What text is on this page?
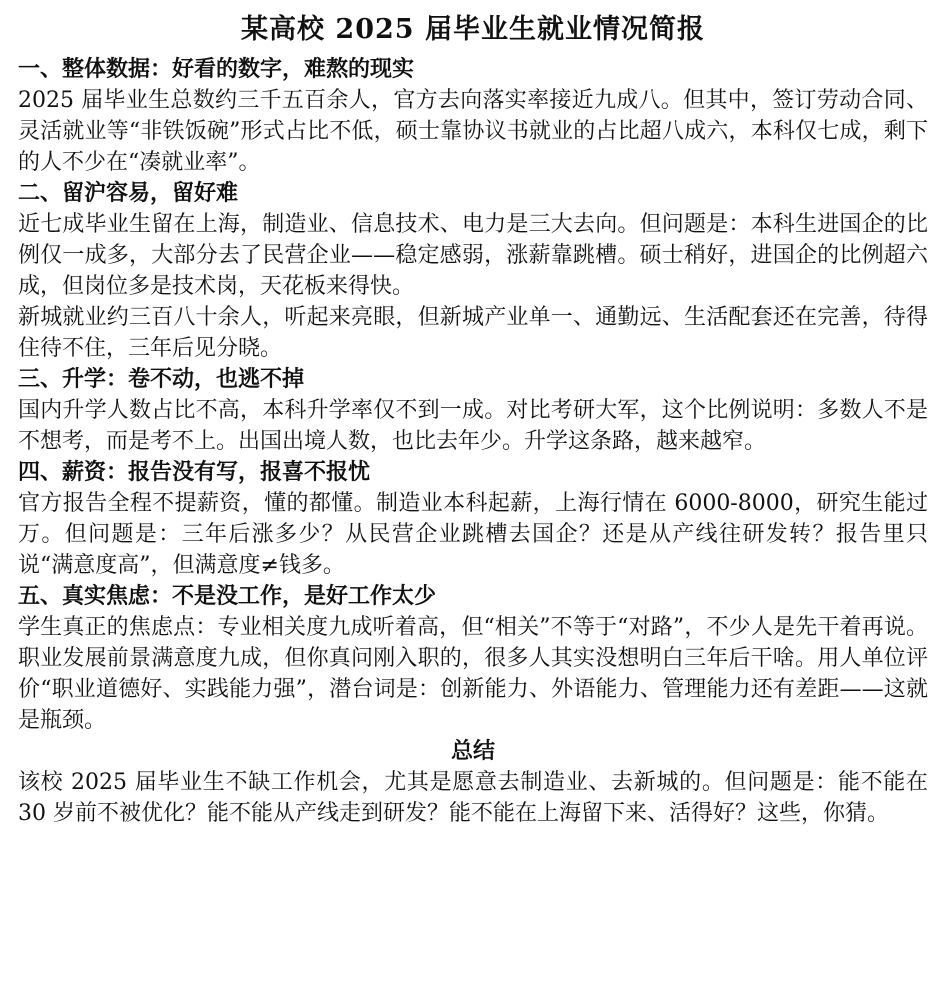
某高校 2025 届毕业生就业情况简报
一、整体数据：好看的数字，难熬的现实

2025 届毕业生总数约三千五百余人，官方去向落实率接近九成八。但其中，签订劳动合同、灵活就业等“非铁饭碗”形式占比不低，硕士靠协议书就业的占比超八成六，本科仅七成，剩下的人不少在“凑就业率”。

二、留沪容易，留好难

近七成毕业生留在上海，制造业、信息技术、电力是三大去向。但问题是：本科生进国企的比例仅一成多，大部分去了民营企业——稳定感弱，涨薪靠跳槽。硕士稍好，进国企的比例超六成，但岗位多是技术岗，天花板来得快。

新城就业约三百八十余人，听起来亮眼，但新城产业单一、通勤远、生活配套还在完善，待得住待不住，三年后见分晓。

三、升学：卷不动，也逃不掉

国内升学人数占比不高，本科升学率仅不到一成。对比考研大军，这个比例说明：多数人不是不想考，而是考不上。出国出境人数，也比去年少。升学这条路，越来越窄。

四、薪资：报告没有写，报喜不报忧

官方报告全程不提薪资，懂的都懂。制造业本科起薪，上海行情在 6000-8000，研究生能过万。但问题是：三年后涨多少？从民营企业跳槽去国企？还是从产线往研发转？报告里只说“满意度高”，但满意度≠钱多。

五、真实焦虑：不是没工作，是好工作太少

学生真正的焦虑点：专业相关度九成听着高，但“相关”不等于“对路”，不少人是先干着再说。职业发展前景满意度九成，但你真问刚入职的，很多人其实没想明白三年后干啥。用人单位评价“职业道德好、实践能力强”，潜台词是：创新能力、外语能力、管理能力还有差距——这就是瓶颈。

总结

该校 2025 届毕业生不缺工作机会，尤其是愿意去制造业、去新城的。但问题是：能不能在 30 岁前不被优化？能不能从产线走到研发？能不能在上海留下来、活得好？这些，你猜。
